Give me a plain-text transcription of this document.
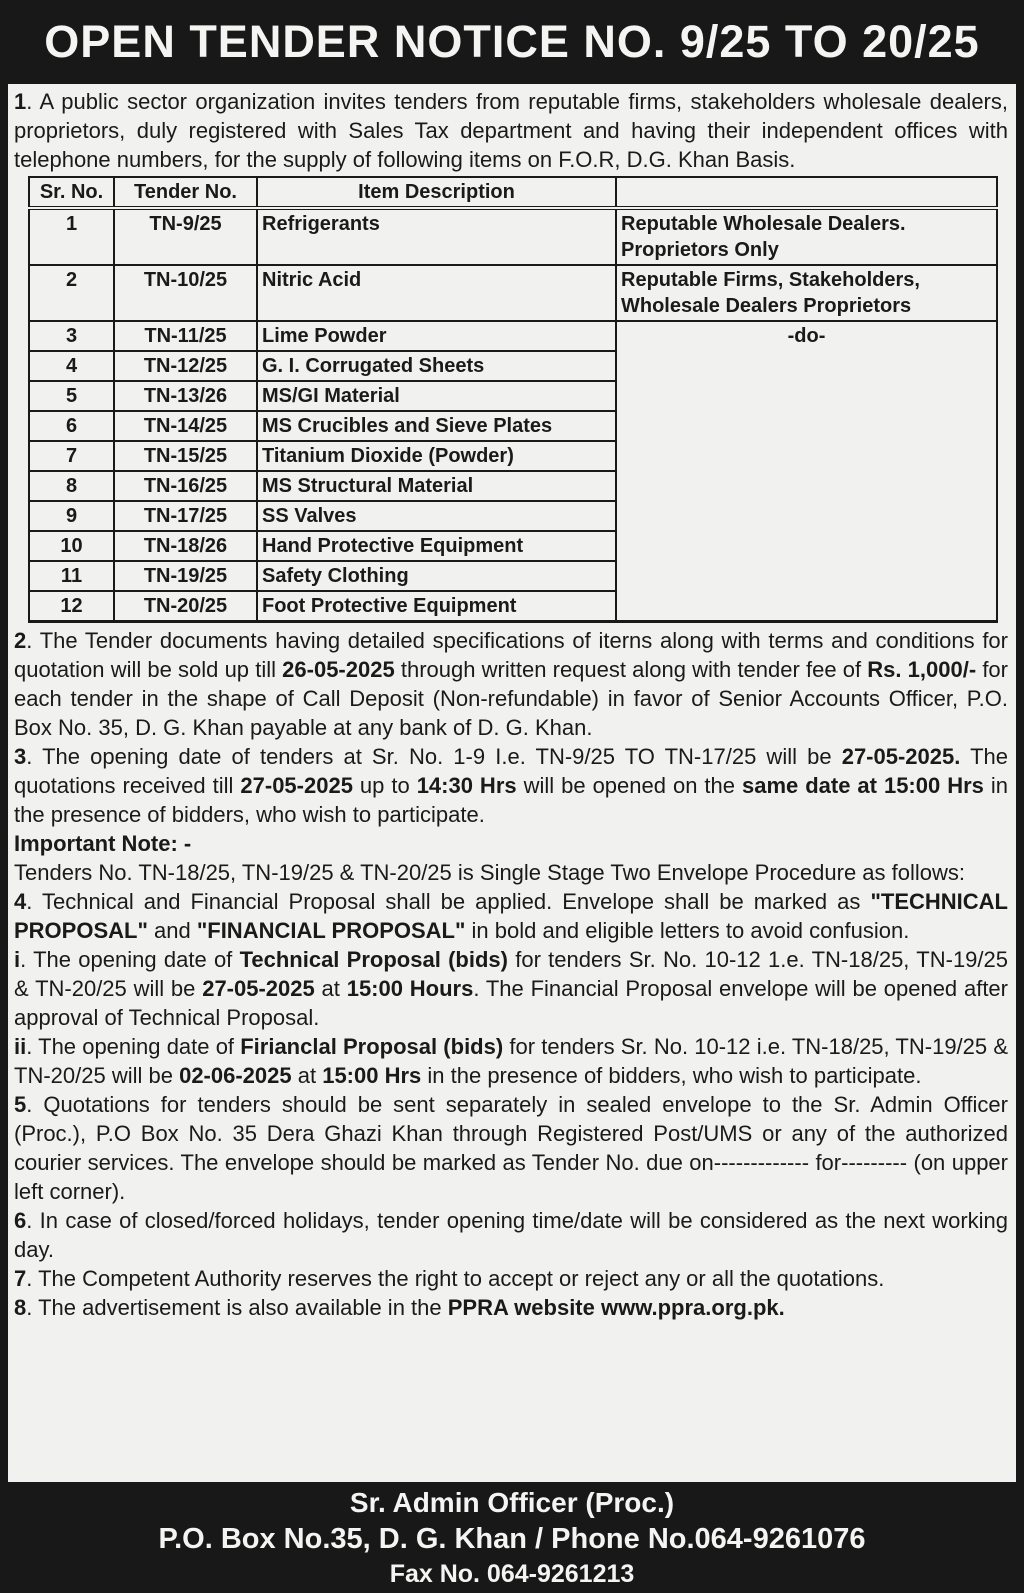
OPEN TENDER NOTICE NO. 9/25 TO 20/25
1. A public sector organization invites tenders from reputable firms, stakeholders wholesale dealers, proprietors, duly registered with Sales Tax department and having their independent offices with telephone numbers, for the supply of following items on F.O.R, D.G. Khan Basis.
Sr. No.	Tender No.	Item Description	
1	TN-9/25	Refrigerants	Reputable Wholesale Dealers. Proprietors Only
2	TN-10/25	Nitric Acid	Reputable Firms, Stakeholders, Wholesale Dealers Proprietors
3	TN-11/25	Lime Powder	-do-
4	TN-12/25	G. I. Corrugated Sheets	
5	TN-13/26	MS/GI Material	
6	TN-14/25	MS Crucibles and Sieve Plates	
7	TN-15/25	Titanium Dioxide (Powder)	
8	TN-16/25	MS Structural Material	
9	TN-17/25	SS Valves	
10	TN-18/26	Hand Protective Equipment	
11	TN-19/25	Safety Clothing	
12	TN-20/25	Foot Protective Equipment	
2. The Tender documents having detailed specifications of iterns along with terms and conditions for quotation will be sold up till 26-05-2025 through written request along with tender fee of Rs. 1,000/- for each tender in the shape of Call Deposit (Non-refundable) in favor of Senior Accounts Officer, P.O. Box No. 35, D. G. Khan payable at any bank of D. G. Khan.
3. The opening date of tenders at Sr. No. 1-9 I.e. TN-9/25 TO TN-17/25 will be 27-05-2025. The quotations received till 27-05-2025 up to 14:30 Hrs will be opened on the same date at 15:00 Hrs in the presence of bidders, who wish to participate.
Important Note: -
Tenders No. TN-18/25, TN-19/25 & TN-20/25 is Single Stage Two Envelope Procedure as follows:
4. Technical and Financial Proposal shall be applied. Envelope shall be marked as "TECHNICAL PROPOSAL" and "FINANCIAL PROPOSAL" in bold and eligible letters to avoid confusion.
i. The opening date of Technical Proposal (bids) for tenders Sr. No. 10-12 1.e. TN-18/25, TN-19/25 & TN-20/25 will be 27-05-2025 at 15:00 Hours. The Financial Proposal envelope will be opened after approval of Technical Proposal.
ii. The opening date of Firianclal Proposal (bids) for tenders Sr. No. 10-12 i.e. TN-18/25, TN-19/25 & TN-20/25 will be 02-06-2025 at 15:00 Hrs in the presence of bidders, who wish to participate.
5. Quotations for tenders should be sent separately in sealed envelope to the Sr. Admin Officer (Proc.), P.O Box No. 35 Dera Ghazi Khan through Registered Post/UMS or any of the authorized courier services. The envelope should be marked as Tender No. due on------------- for--------- (on upper left corner).
6. In case of closed/forced holidays, tender opening time/date will be considered as the next working day.
7. The Competent Authority reserves the right to accept or reject any or all the quotations.
8. The advertisement is also available in the PPRA website www.ppra.org.pk.
Sr. Admin Officer (Proc.)
P.O. Box No.35, D. G. Khan / Phone No.064-9261076
Fax No. 064-9261213
